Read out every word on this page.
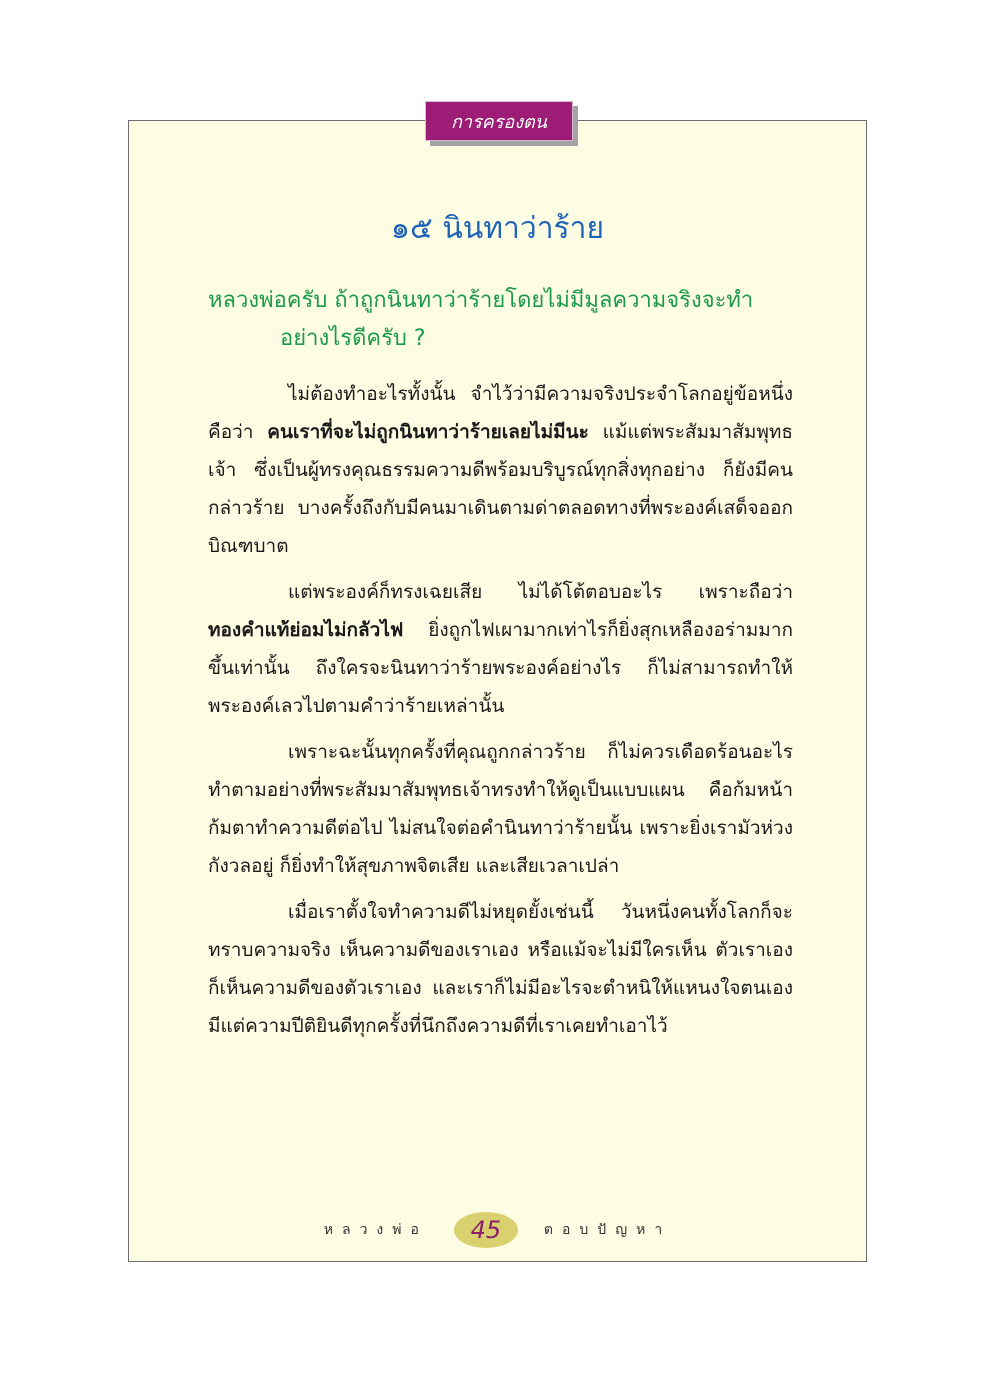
การครองตน
๑๕ นินทาว่าร้าย
หลวงพ่อครับ ถ้าถูกนินทาว่าร้ายโดยไม่มีมูลความจริงจะทำ
อย่างไรดีครับ ?

ไม่ต้องทำอะไรทั้งนั้น จำไว้ว่ามีความจริงประจำโลกอยู่ข้อหนึ่ง คือว่า คนเราที่จะไม่ถูกนินทาว่าร้ายเลยไม่มีนะ แม้แต่พระสัมมาสัมพุทธเจ้า ซึ่งเป็นผู้ทรงคุณธรรมความดีพร้อมบริบูรณ์ทุกสิ่งทุกอย่าง ก็ยังมีคนกล่าวร้าย บางครั้งถึงกับมีคนมาเดินตามด่าตลอดทางที่พระองค์เสด็จออกบิณฑบาต

แต่พระองค์ก็ทรงเฉยเสีย ไม่ได้โต้ตอบอะไร เพราะถือว่า ทองคำแท้ย่อมไม่กลัวไฟ ยิ่งถูกไฟเผามากเท่าไรก็ยิ่งสุกเหลืองอร่ามมากขึ้นเท่านั้น ถึงใครจะนินทาว่าร้ายพระองค์อย่างไร ก็ไม่สามารถทำให้พระองค์เลวไปตามคำว่าร้ายเหล่านั้น

เพราะฉะนั้นทุกครั้งที่คุณถูกกล่าวร้าย ก็ไม่ควรเดือดร้อนอะไร ทำตามอย่างที่พระสัมมาสัมพุทธเจ้าทรงทำให้ดูเป็นแบบแผน คือก้มหน้าก้มตาทำความดีต่อไป ไม่สนใจต่อคำนินทาว่าร้ายนั้น เพราะยิ่งเรามัวห่วงกังวลอยู่ ก็ยิ่งทำให้สุขภาพจิตเสีย และเสียเวลาเปล่า

เมื่อเราตั้งใจทำความดีไม่หยุดยั้งเช่นนี้ วันหนึ่งคนทั้งโลกก็จะทราบความจริง เห็นความดีของเราเอง หรือแม้จะไม่มีใครเห็น ตัวเราเองก็เห็นความดีของตัวเราเอง และเราก็ไม่มีอะไรจะตำหนิให้แหนงใจตนเอง มีแต่ความปีติยินดีทุกครั้งที่นึกถึงความดีที่เราเคยทำเอาไว้

หลวงพ่อ 45	ตอบปัญหา
